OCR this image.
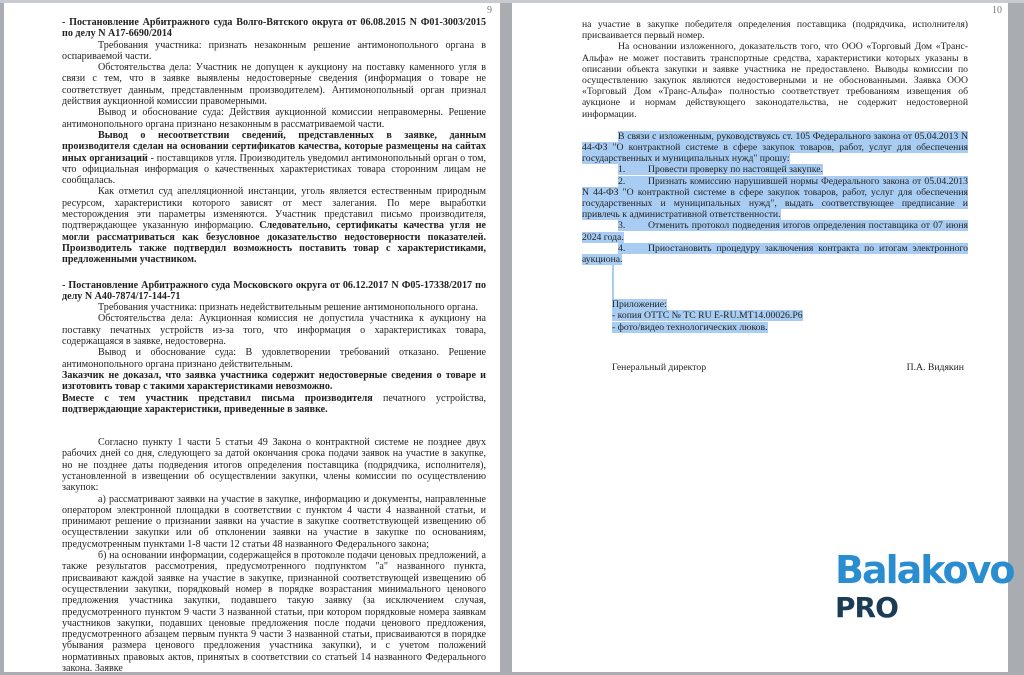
9

- Постановление Арбитражного суда Волго-Вятского округа от 06.08.2015 N Ф01-3003/2015 по делу N А17-6690/2014

Требования участника: признать незаконным решение антимонопольного органа в оспариваемой части.

Обстоятельства дела: Участник не допущен к аукциону на поставку каменного угля в связи с тем, что в заявке выявлены недостоверные сведения (информация о товаре не соответствует данным, представленным производителем). Антимонопольный орган признал действия аукционной комиссии правомерными.

Вывод и обоснование суда: Действия аукционной комиссии неправомерны. Решение антимонопольного органа признано незаконным в рассматриваемой части.

Вывод о несоответствии сведений, представленных в заявке, данным производителя сделан на основании сертификатов качества, которые размещены на сайтах иных организаций - поставщиков угля. Производитель уведомил антимонопольный орган о том, что официальная информация о качественных характеристиках товара сторонним лицам не сообщалась.

Как отметил суд апелляционной инстанции, уголь является естественным природным ресурсом, характеристики которого зависят от мест залегания. По мере выработки месторождения эти параметры изменяются. Участник представил письмо производителя, подтверждающее указанную информацию. Следовательно, сертификаты качества угля не могли рассматриваться как безусловное доказательство недостоверности показателей. Производитель также подтвердил возможность поставить товар с характеристиками, предложенными участником.

- Постановление Арбитражного суда Московского округа от 06.12.2017 N Ф05-17338/2017 по делу N А40-7874/17-144-71

Требования участника: признать недействительным решение антимонопольного органа.

Обстоятельства дела: Аукционная комиссия не допустила участника к аукциону на поставку печатных устройств из-за того, что информация о характеристиках товара, содержащаяся в заявке, недостоверна.

Вывод и обоснование суда: В удовлетворении требований отказано. Решение антимонопольного органа признано действительным.

Заказчик не доказал, что заявка участника содержит недостоверные сведения о товаре и изготовить товар с такими характеристиками невозможно.

Вместе с тем участник представил письма производителя печатного устройства, подтверждающие характеристики, приведенные в заявке.

Согласно пункту 1 части 5 статьи 49 Закона о контрактной системе не позднее двух рабочих дней со дня, следующего за датой окончания срока подачи заявок на участие в закупке, но не позднее даты подведения итогов определения поставщика (подрядчика, исполнителя), установленной в извещении об осуществлении закупки, члены комиссии по осуществлению закупок:

а) рассматривают заявки на участие в закупке, информацию и документы, направленные оператором электронной площадки в соответствии с пунктом 4 части 4 названной статьи, и принимают решение о признании заявки на участие в закупке соответствующей извещению об осуществлении закупки или об отклонении заявки на участие в закупке по основаниям, предусмотренным пунктами 1-8 части 12 статьи 48 названного Федерального закона;

б) на основании информации, содержащейся в протоколе подачи ценовых предложений, а также результатов рассмотрения, предусмотренного подпунктом "а" названного пункта, присваивают каждой заявке на участие в закупке, признанной соответствующей извещению об осуществлении закупки, порядковый номер в порядке возрастания минимального ценового предложения участника закупки, подавшего такую заявку (за исключением случая, предусмотренного пунктом 9 части 3 названной статьи, при котором порядковые номера заявкам участников закупки, подавших ценовые предложения после подачи ценового предложения, предусмотренного абзацем первым пункта 9 части 3 названной статьи, присваиваются в порядке убывания размера ценового предложения участника закупки), и с учетом положений нормативных правовых актов, принятых в соответствии со статьей 14 названного Федерального закона. Заявке

10

на участие в закупке победителя определения поставщика (подрядчика, исполнителя) присваивается первый номер.

На основании изложенного, доказательств того, что ООО «Торговый Дом «Транс-Альфа» не может поставить транспортные средства, характеристики которых указаны в описании объекта закупки и заявке участника не предоставлено. Выводы комиссии по осуществлению закупок являются недостоверными и не обоснованными. Заявка ООО «Торговый Дом «Транс-Альфа» полностью соответствует требованиям извещения об аукционе и нормам действующего законодательства, не содержит недостоверной информации.

В связи с изложенным, руководствуясь ст. 105 Федерального закона от 05.04.2013 N 44-ФЗ "О контрактной системе в сфере закупок товаров, работ, услуг для обеспечения государственных и муниципальных нужд" прошу:

1. Провести проверку по настоящей закупке.

2. Признать комиссию нарушившей нормы Федерального закона от 05.04.2013 N 44-ФЗ "О контрактной системе в сфере закупок товаров, работ, услуг для обеспечения государственных и муниципальных нужд", выдать соответствующее предписание и привлечь к административной ответственности.

3. Отменить протокол подведения итогов определения поставщика от 07 июня 2024 года.

4. Приостановить процедуру заключения контракта по итогам электронного аукциона.

Приложение:

- копия ОТТС № ТС RU E-RU.MT14.00026.Р6

- фото/видео технологических люков.

Генеральный директор	П.А. Видякин
Balakovo
PRO
